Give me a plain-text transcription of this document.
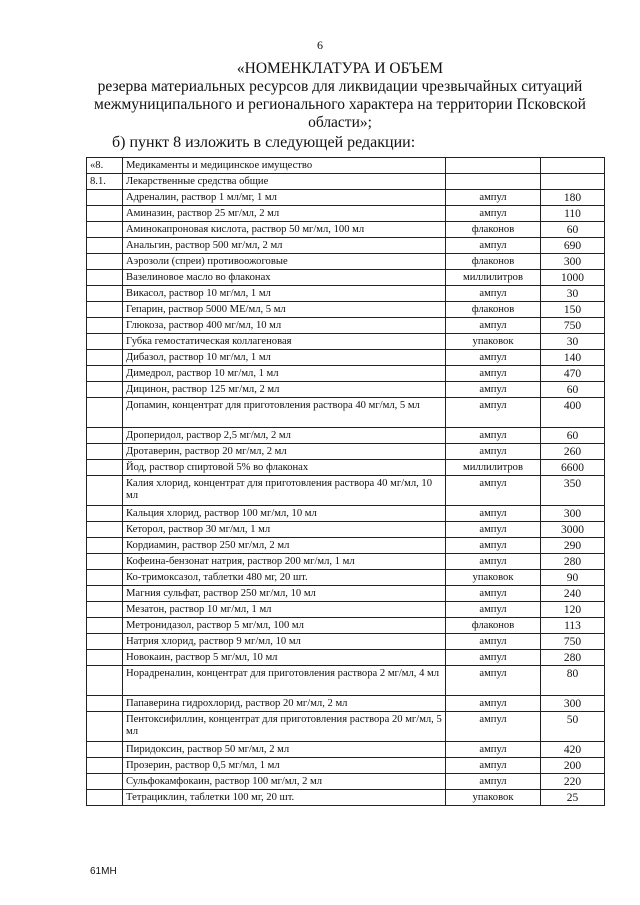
6
«НОМЕНКЛАТУРА И ОБЪЕМ
резерва материальных ресурсов для ликвидации чрезвычайных ситуаций
межмуниципального и регионального характера на территории Псковской
области»;
б) пункт 8 изложить в следующей редакции:
«8.	Медикаменты и медицинское имущество		
8.1.	Лекарственные средства общие		
	Адреналин, раствор 1 мл/мг, 1 мл	ампул	180
	Аминазин, раствор 25 мг/мл, 2 мл	ампул	110
	Аминокапроновая кислота, раствор 50 мг/мл, 100 мл	флаконов	60
	Анальгин, раствор 500 мг/мл, 2 мл	ампул	690
	Аэрозоли (спреи) противоожоговые	флаконов	300
	Вазелиновое масло во флаконах	миллилитров	1000
	Викасол, раствор 10 мг/мл, 1 мл	ампул	30
	Гепарин, раствор 5000 МЕ/мл, 5 мл	флаконов	150
	Глюкоза, раствор 400 мг/мл, 10 мл	ампул	750
	Губка гемостатическая коллагеновая	упаковок	30
	Дибазол, раствор 10 мг/мл, 1 мл	ампул	140
	Димедрол, раствор 10 мг/мл, 1 мл	ампул	470
	Дицинон, раствор 125 мг/мл, 2 мл	ампул	60
	Допамин, концентрат для приготовления раствора 40 мг/мл, 5 мл	ампул	400
	Дроперидол, раствор 2,5 мг/мл, 2 мл	ампул	60
	Дротаверин, раствор 20 мг/мл, 2 мл	ампул	260
	Йод, раствор спиртовой 5% во флаконах	миллилитров	6600
	Калия хлорид, концентрат для приготовления раствора 40 мг/мл, 10 мл	ампул	350
	Кальция хлорид, раствор 100 мг/мл, 10 мл	ампул	300
	Кеторол, раствор 30 мг/мл, 1 мл	ампул	3000
	Кордиамин, раствор 250 мг/мл, 2 мл	ампул	290
	Кофеина-бензонат натрия, раствор 200 мг/мл, 1 мл	ампул	280
	Ко-тримоксазол, таблетки 480 мг, 20 шт.	упаковок	90
	Магния сульфат, раствор 250 мг/мл, 10 мл	ампул	240
	Мезатон, раствор 10 мг/мл, 1 мл	ампул	120
	Метронидазол, раствор 5 мг/мл, 100 мл	флаконов	113
	Натрия хлорид, раствор 9 мг/мл, 10 мл	ампул	750
	Новокаин, раствор 5 мг/мл, 10 мл	ампул	280
	Норадреналин, концентрат для приготовления раствора 2 мг/мл, 4 мл	ампул	80
	Папаверина гидрохлорид, раствор 20 мг/мл, 2 мл	ампул	300
	Пентоксифиллин, концентрат для приготовления раствора 20 мг/мл, 5 мл	ампул	50
	Пиридоксин, раствор 50 мг/мл, 2 мл	ампул	420
	Прозерин, раствор 0,5 мг/мл, 1 мл	ампул	200
	Сульфокамфокаин, раствор 100 мг/мл, 2 мл	ампул	220
	Тетрациклин, таблетки 100 мг, 20 шт.	упаковок	25
61МН
